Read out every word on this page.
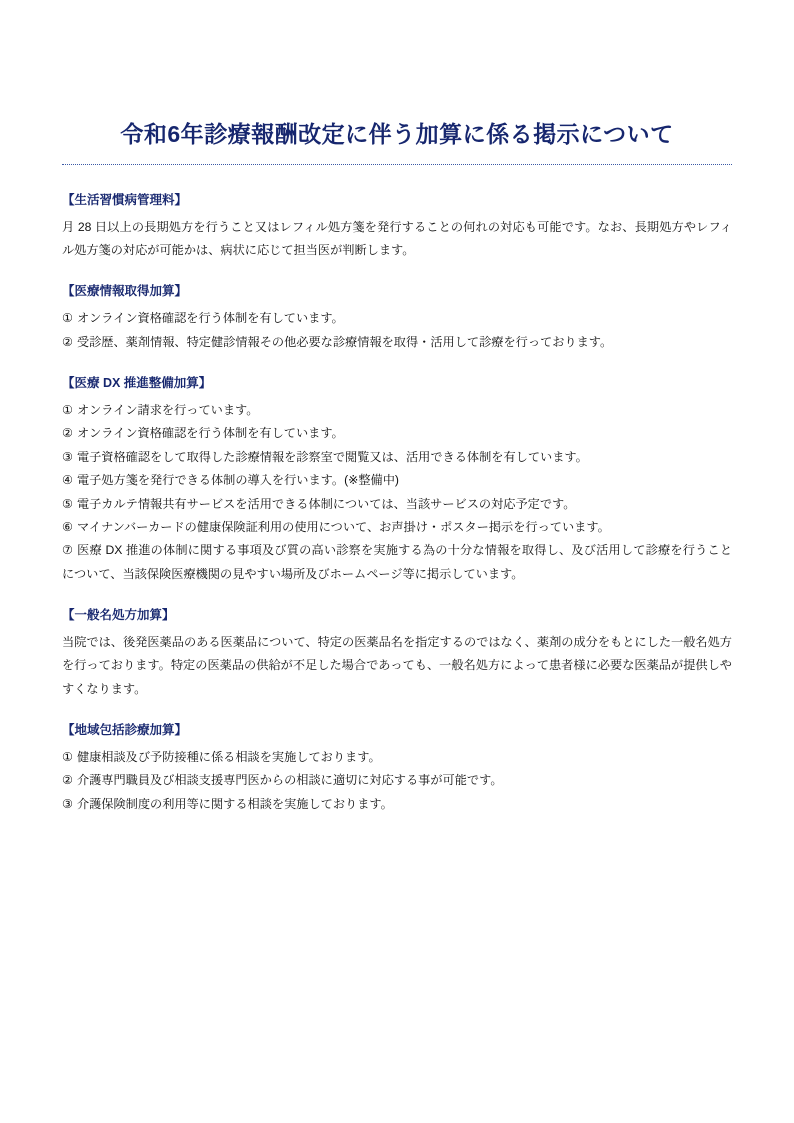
令和6年診療報酬改定に伴う加算に係る掲示について
【生活習慣病管理料】

月 28 日以上の長期処方を行うこと又はレフィル処方箋を発行することの何れの対応も可能です。なお、長期処方やレフィル処方箋の対応が可能かは、病状に応じて担当医が判断します。

【医療情報取得加算】
① オンライン資格確認を行う体制を有しています。
② 受診歴、薬剤情報、特定健診情報その他必要な診療情報を取得・活用して診療を行っております。
【医療 DX 推進整備加算】
① オンライン請求を行っています。
② オンライン資格確認を行う体制を有しています。
③ 電子資格確認をして取得した診療情報を診察室で閲覧又は、活用できる体制を有しています。
④ 電子処方箋を発行できる体制の導入を行います。(※整備中)
⑤ 電子カルテ情報共有サービスを活用できる体制については、当該サービスの対応予定です。
⑥ マイナンバーカードの健康保険証利用の使用について、お声掛け・ポスター掲示を行っています。
⑦ 医療 DX 推進の体制に関する事項及び質の高い診察を実施する為の十分な情報を取得し、及び活用して診療を行うことについて、当該保険医療機関の見やすい場所及びホームページ等に掲示しています。
【一般名処方加算】

当院では、後発医薬品のある医薬品について、特定の医薬品名を指定するのではなく、薬剤の成分をもとにした一般名処方を行っております。特定の医薬品の供給が不足した場合であっても、一般名処方によって患者様に必要な医薬品が提供しやすくなります。

【地域包括診療加算】
① 健康相談及び予防接種に係る相談を実施しております。
② 介護専門職員及び相談支援専門医からの相談に適切に対応する事が可能です。
③ 介護保険制度の利用等に関する相談を実施しております。
